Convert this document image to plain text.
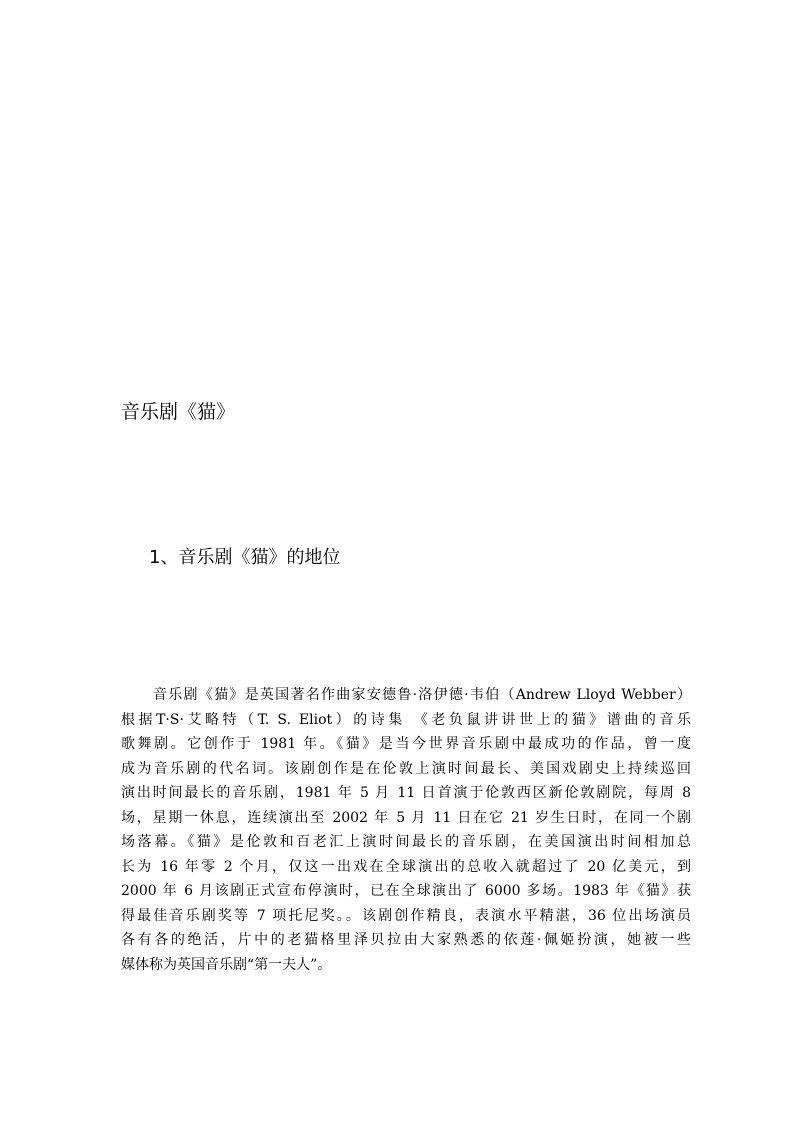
音乐剧《猫》
1、音乐剧《猫》的地位

音乐剧《猫》是英国著名作曲家安德鲁·洛伊德·韦伯（Andrew Lloyd Webber）
根据T·S·艾略特（T. S. Eliot）的诗集 《老负鼠讲讲世上的猫》谱曲的音乐
歌舞剧。它创作于 1981 年。《猫》是当今世界音乐剧中最成功的作品，曾一度
成为音乐剧的代名词。该剧创作是在伦敦上演时间最长、美国戏剧史上持续巡回
演出时间最长的音乐剧，1981 年 5 月 11 日首演于伦敦西区新伦敦剧院，每周 8
场，星期一休息，连续演出至 2002 年 5 月 11 日在它 21 岁生日时，在同一个剧
场落幕。《猫》是伦敦和百老汇上演时间最长的音乐剧，在美国演出时间相加总
长为 16 年零 2 个月，仅这一出戏在全球演出的总收入就超过了 20 亿美元，到
2000 年 6 月该剧正式宣布停演时，已在全球演出了 6000 多场。1983 年《猫》获
得最佳音乐剧奖等 7 项托尼奖。。该剧创作精良，表演水平精湛，36 位出场演员
各有各的绝活，片中的老猫格里泽贝拉由大家熟悉的依莲·佩姬扮演，她被一些
媒体称为英国音乐剧“第一夫人”。
